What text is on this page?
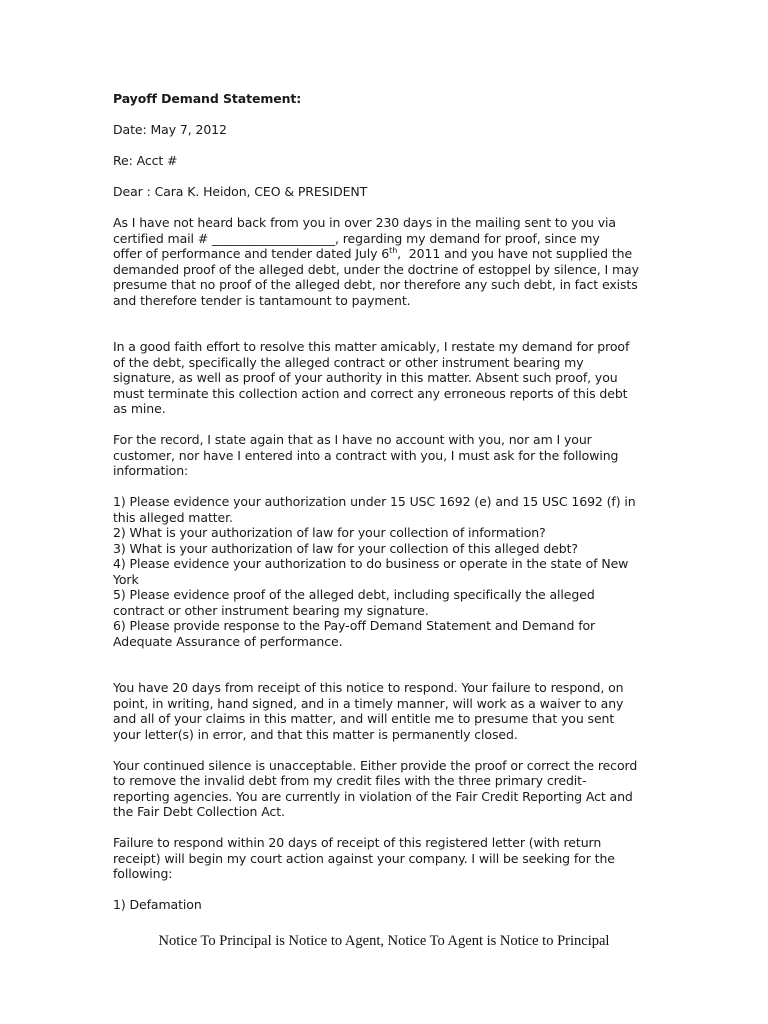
Payoff Demand Statement:
Date: May 7, 2012
Re: Acct #
Dear : Cara K. Heidon, CEO & PRESIDENT
As I have not heard back from you in over 230 days in the mailing sent to you via
certified mail # ____________________, regarding my demand for proof, since my
offer of performance and tender dated July 6th,  2011 and you have not supplied the
demanded proof of the alleged debt, under the doctrine of estoppel by silence, I may
presume that no proof of the alleged debt, nor therefore any such debt, in fact exists
and therefore tender is tantamount to payment.
In a good faith effort to resolve this matter amicably, I restate my demand for proof
of the debt, specifically the alleged contract or other instrument bearing my
signature, as well as proof of your authority in this matter. Absent such proof, you
must terminate this collection action and correct any erroneous reports of this debt
as mine.
For the record, I state again that as I have no account with you, nor am I your
customer, nor have I entered into a contract with you, I must ask for the following
information:
1) Please evidence your authorization under 15 USC 1692 (e) and 15 USC 1692 (f) in
this alleged matter.
2) What is your authorization of law for your collection of information?
3) What is your authorization of law for your collection of this alleged debt?
4) Please evidence your authorization to do business or operate in the state of New
York
5) Please evidence proof of the alleged debt, including specifically the alleged
contract or other instrument bearing my signature.
6) Please provide response to the Pay-off Demand Statement and Demand for
Adequate Assurance of performance.
You have 20 days from receipt of this notice to respond. Your failure to respond, on
point, in writing, hand signed, and in a timely manner, will work as a waiver to any
and all of your claims in this matter, and will entitle me to presume that you sent
your letter(s) in error, and that this matter is permanently closed.
Your continued silence is unacceptable. Either provide the proof or correct the record
to remove the invalid debt from my credit files with the three primary credit-
reporting agencies. You are currently in violation of the Fair Credit Reporting Act and
the Fair Debt Collection Act.
Failure to respond within 20 days of receipt of this registered letter (with return
receipt) will begin my court action against your company. I will be seeking for the
following:
1) Defamation
Notice To Principal is Notice to Agent, Notice To Agent is Notice to Principal
